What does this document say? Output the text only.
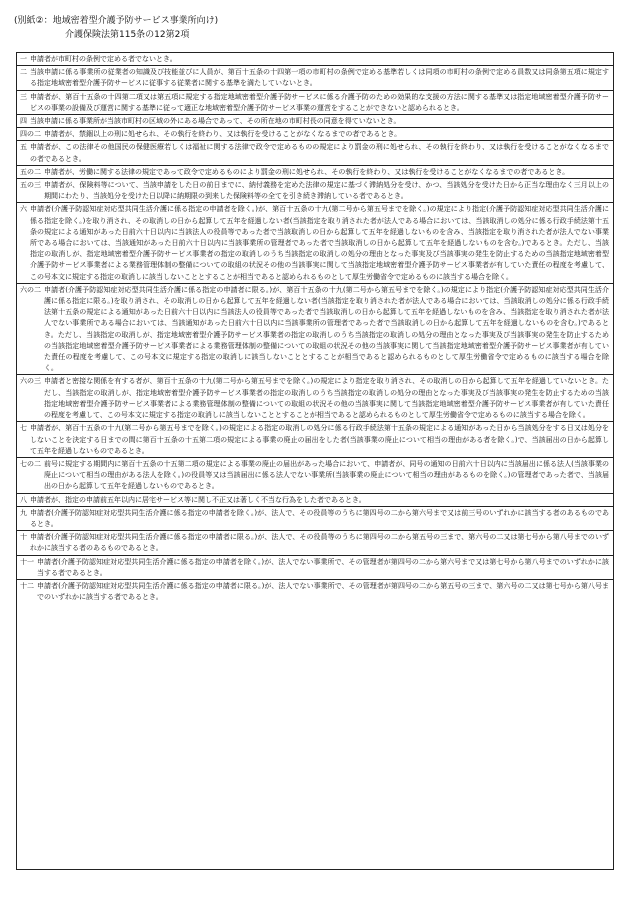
(別紙②：地域密着型介護予防サービス事業所向け)
介護保険法第115条の12第2項
一 申請者が市町村の条例で定める者でないとき。
二 当該申請に係る事業所の従業者の知識及び技能並びに人員が、第百十五条の十四第一項の市町村の条例で定める基準若しくは同項の市町村の条例で定める員数又は同条第五項に規定する指定地域密着型介護予防サービスに従事する従業者に関する基準を満たしていないとき。
三 申請者が、第百十五条の十四第二項又は第五項に規定する指定地域密着型介護予防サービスに係る介護予防のための効果的な支援の方法に関する基準又は指定地域密着型介護予防サービスの事業の設備及び運営に関する基準に従って適正な地域密着型介護予防サービス事業の運営をすることができないと認められるとき。
四 当該申請に係る事業所が当該市町村の区域の外にある場合であって、その所在地の市町村長の同意を得ていないとき。
四の二 申請者が、禁錮以上の刑に処せられ、その執行を終わり、又は執行を受けることがなくなるまでの者であるとき。
五 申請者が、この法律その他国民の保健医療若しくは福祉に関する法律で政令で定めるものの規定により罰金の刑に処せられ、その執行を終わり、又は執行を受けることがなくなるまでの者であるとき。
五の二 申請者が、労働に関する法律の規定であって政令で定めるものにより罰金の刑に処せられ、その執行を終わり、又は執行を受けることがなくなるまでの者であるとき。
五の三 申請者が、保険料等について、当該申請をした日の前日までに、納付義務を定めた法律の規定に基づく滞納処分を受け、かつ、当該処分を受けた日から正当な理由なく三月以上の期間にわたり、当該処分を受けた日以降に納期限の到来した保険料等の全てを引き続き滞納している者であるとき。
六 申請者(介護予防認知症対応型共同生活介護に係る指定の申請者を除く。)が、第百十五条の十九(第二号から第五号までを除く。)の規定により指定(介護予防認知症対応型共同生活介護に係る指定を除く。)を取り消され、その取消しの日から起算して五年を経過しない者(当該指定を取り消された者が法人である場合においては、当該取消しの処分に係る行政手続法第十五条の規定による通知があった日前六十日以内に当該法人の役員等であった者で当該取消しの日から起算して五年を経過しないものを含み、当該指定を取り消された者が法人でない事業所である場合においては、当該通知があった日前六十日以内に当該事業所の管理者であった者で当該取消しの日から起算して五年を経過しないものを含む。)であるとき。ただし、当該指定の取消しが、指定地域密着型介護予防サービス事業者の指定の取消しのうち当該指定の取消しの処分の理由となった事実及び当該事実の発生を防止するための当該指定地域密着型介護予防サービス事業者による業務管理体制の整備についての取組の状況その他の当該事実に関して当該指定地域密着型介護予防サービス事業者が有していた責任の程度を考慮して、この号本文に規定する指定の取消しに該当しないこととすることが相当であると認められるものとして厚生労働省令で定めるものに該当する場合を除く。
六の二 申請者(介護予防認知症対応型共同生活介護に係る指定の申請者に限る。)が、第百十五条の十九(第二号から第五号までを除く。)の規定により指定(介護予防認知症対応型共同生活介護に係る指定に限る。)を取り消され、その取消しの日から起算して五年を経過しない者(当該指定を取り消された者が法人である場合においては、当該取消しの処分に係る行政手続法第十五条の規定による通知があった日前六十日以内に当該法人の役員等であった者で当該取消しの日から起算して五年を経過しないものを含み、当該指定を取り消された者が法人でない事業所である場合においては、当該通知があった日前六十日以内に当該事業所の管理者であった者で当該取消しの日から起算して五年を経過しないものを含む。)であるとき。ただし、当該指定の取消しが、指定地域密着型介護予防サービス事業者の指定の取消しのうち当該指定の取消しの処分の理由となった事実及び当該事実の発生を防止するための当該指定地域密着型介護予防サービス事業者による業務管理体制の整備についての取組の状況その他の当該事実に関して当該指定地域密着型介護予防サービス事業者が有していた責任の程度を考慮して、この号本文に規定する指定の取消しに該当しないこととすることが相当であると認められるものとして厚生労働省令で定めるものに該当する場合を除く。
六の三 申請者と密接な関係を有する者が、第百十五条の十九(第二号から第五号までを除く。)の規定により指定を取り消され、その取消しの日から起算して五年を経過していないとき。ただし、当該指定の取消しが、指定地域密着型介護予防サービス事業者の指定の取消しのうち当該指定の取消しの処分の理由となった事実及び当該事実の発生を防止するための当該指定地域密着型介護予防サービス事業者による業務管理体制の整備についての取組の状況その他の当該事実に関して当該指定地域密着型介護予防サービス事業者が有していた責任の程度を考慮して、この号本文に規定する指定の取消しに該当しないこととすることが相当であると認められるものとして厚生労働省令で定めるものに該当する場合を除く。
七 申請者が、第百十五条の十九(第二号から第五号までを除く。)の規定による指定の取消しの処分に係る行政手続法第十五条の規定による通知があった日から当該処分をする日又は処分をしないことを決定する日までの間に第百十五条の十五第二項の規定による事業の廃止の届出をした者(当該事業の廃止について相当の理由がある者を除く。)で、当該届出の日から起算して五年を経過しないものであるとき。
七の二 前号に規定する期間内に第百十五条の十五第二項の規定による事業の廃止の届出があった場合において、申請者が、同号の通知の日前六十日以内に当該届出に係る法人(当該事業の廃止について相当の理由がある法人を除く。)の役員等又は当該届出に係る法人でない事業所(当該事業の廃止について相当の理由があるものを除く。)の管理者であった者で、当該届出の日から起算して五年を経過しないものであるとき。
八 申請者が、指定の申請前五年以内に居宅サービス等に関し不正又は著しく不当な行為をした者であるとき。
九 申請者(介護予防認知症対応型共同生活介護に係る指定の申請者を除く。)が、法人で、その役員等のうちに第四号の二から第六号まで又は前三号のいずれかに該当する者のあるものであるとき。
十 申請者(介護予防認知症対応型共同生活介護に係る指定の申請者に限る。)が、法人で、その役員等のうちに第四号の二から第五号の三まで、第六号の二又は第七号から第八号までのいずれかに該当する者のあるものであるとき。
十一 申請者(介護予防認知症対応型共同生活介護に係る指定の申請者を除く。)が、法人でない事業所で、その管理者が第四号の二から第六号まで又は第七号から第八号までのいずれかに該当する者であるとき。
十二 申請者(介護予防認知症対応型共同生活介護に係る指定の申請者に限る。)が、法人でない事業所で、その管理者が第四号の二から第五号の三まで、第六号の二又は第七号から第八号までのいずれかに該当する者であるとき。
